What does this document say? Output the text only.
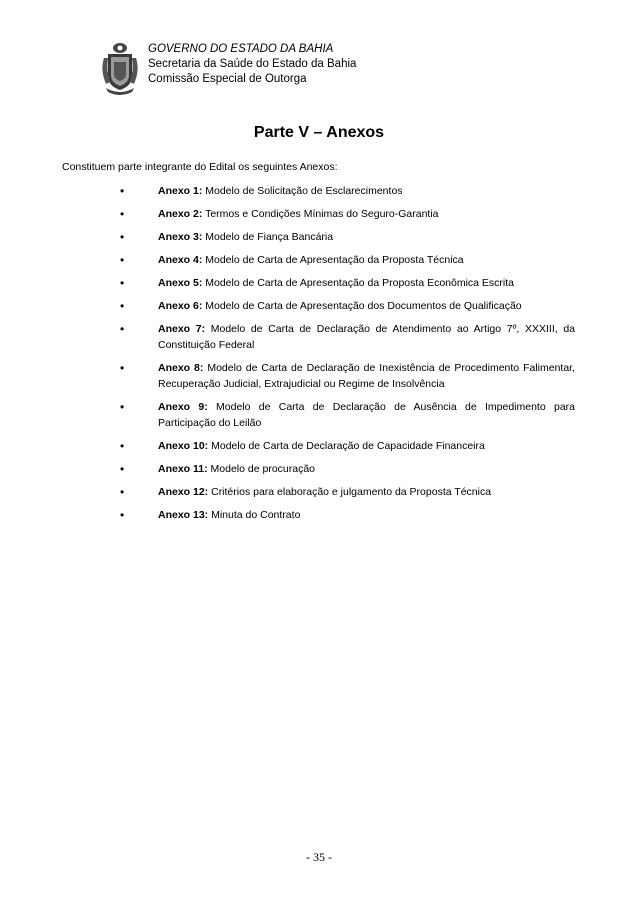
GOVERNO DO ESTADO DA BAHIA
Secretaria da Saúde do Estado da Bahia
Comissão Especial de Outorga
Parte V – Anexos
Constituem parte integrante do Edital os seguintes Anexos:
•	Anexo 1: Modelo de Solicitação de Esclarecimentos
•	Anexo 2: Termos e Condições Mínimas do Seguro-Garantia
•	Anexo 3: Modelo de Fiança Bancária
•	Anexo 4: Modelo de Carta de Apresentação da Proposta Técnica
•	Anexo 5: Modelo de Carta de Apresentação da Proposta Econômica Escrita
•	Anexo 6: Modelo de Carta de Apresentação dos Documentos de Qualificação
•	Anexo 7: Modelo de Carta de Declaração de Atendimento ao Artigo 7º, XXXIII, da Constituição Federal
•	Anexo 8: Modelo de Carta de Declaração de Inexistência de Procedimento Falimentar, Recuperação Judicial, Extrajudicial ou Regime de Insolvência
•	Anexo 9: Modelo de Carta de Declaração de Ausência de Impedimento para Participação do Leilão
•	Anexo 10: Modelo de Carta de Declaração de Capacidade Financeira
•	Anexo 11: Modelo de procuração
•	Anexo 12: Critérios para elaboração e julgamento da Proposta Técnica
•	Anexo 13: Minuta do Contrato
- 35 -
